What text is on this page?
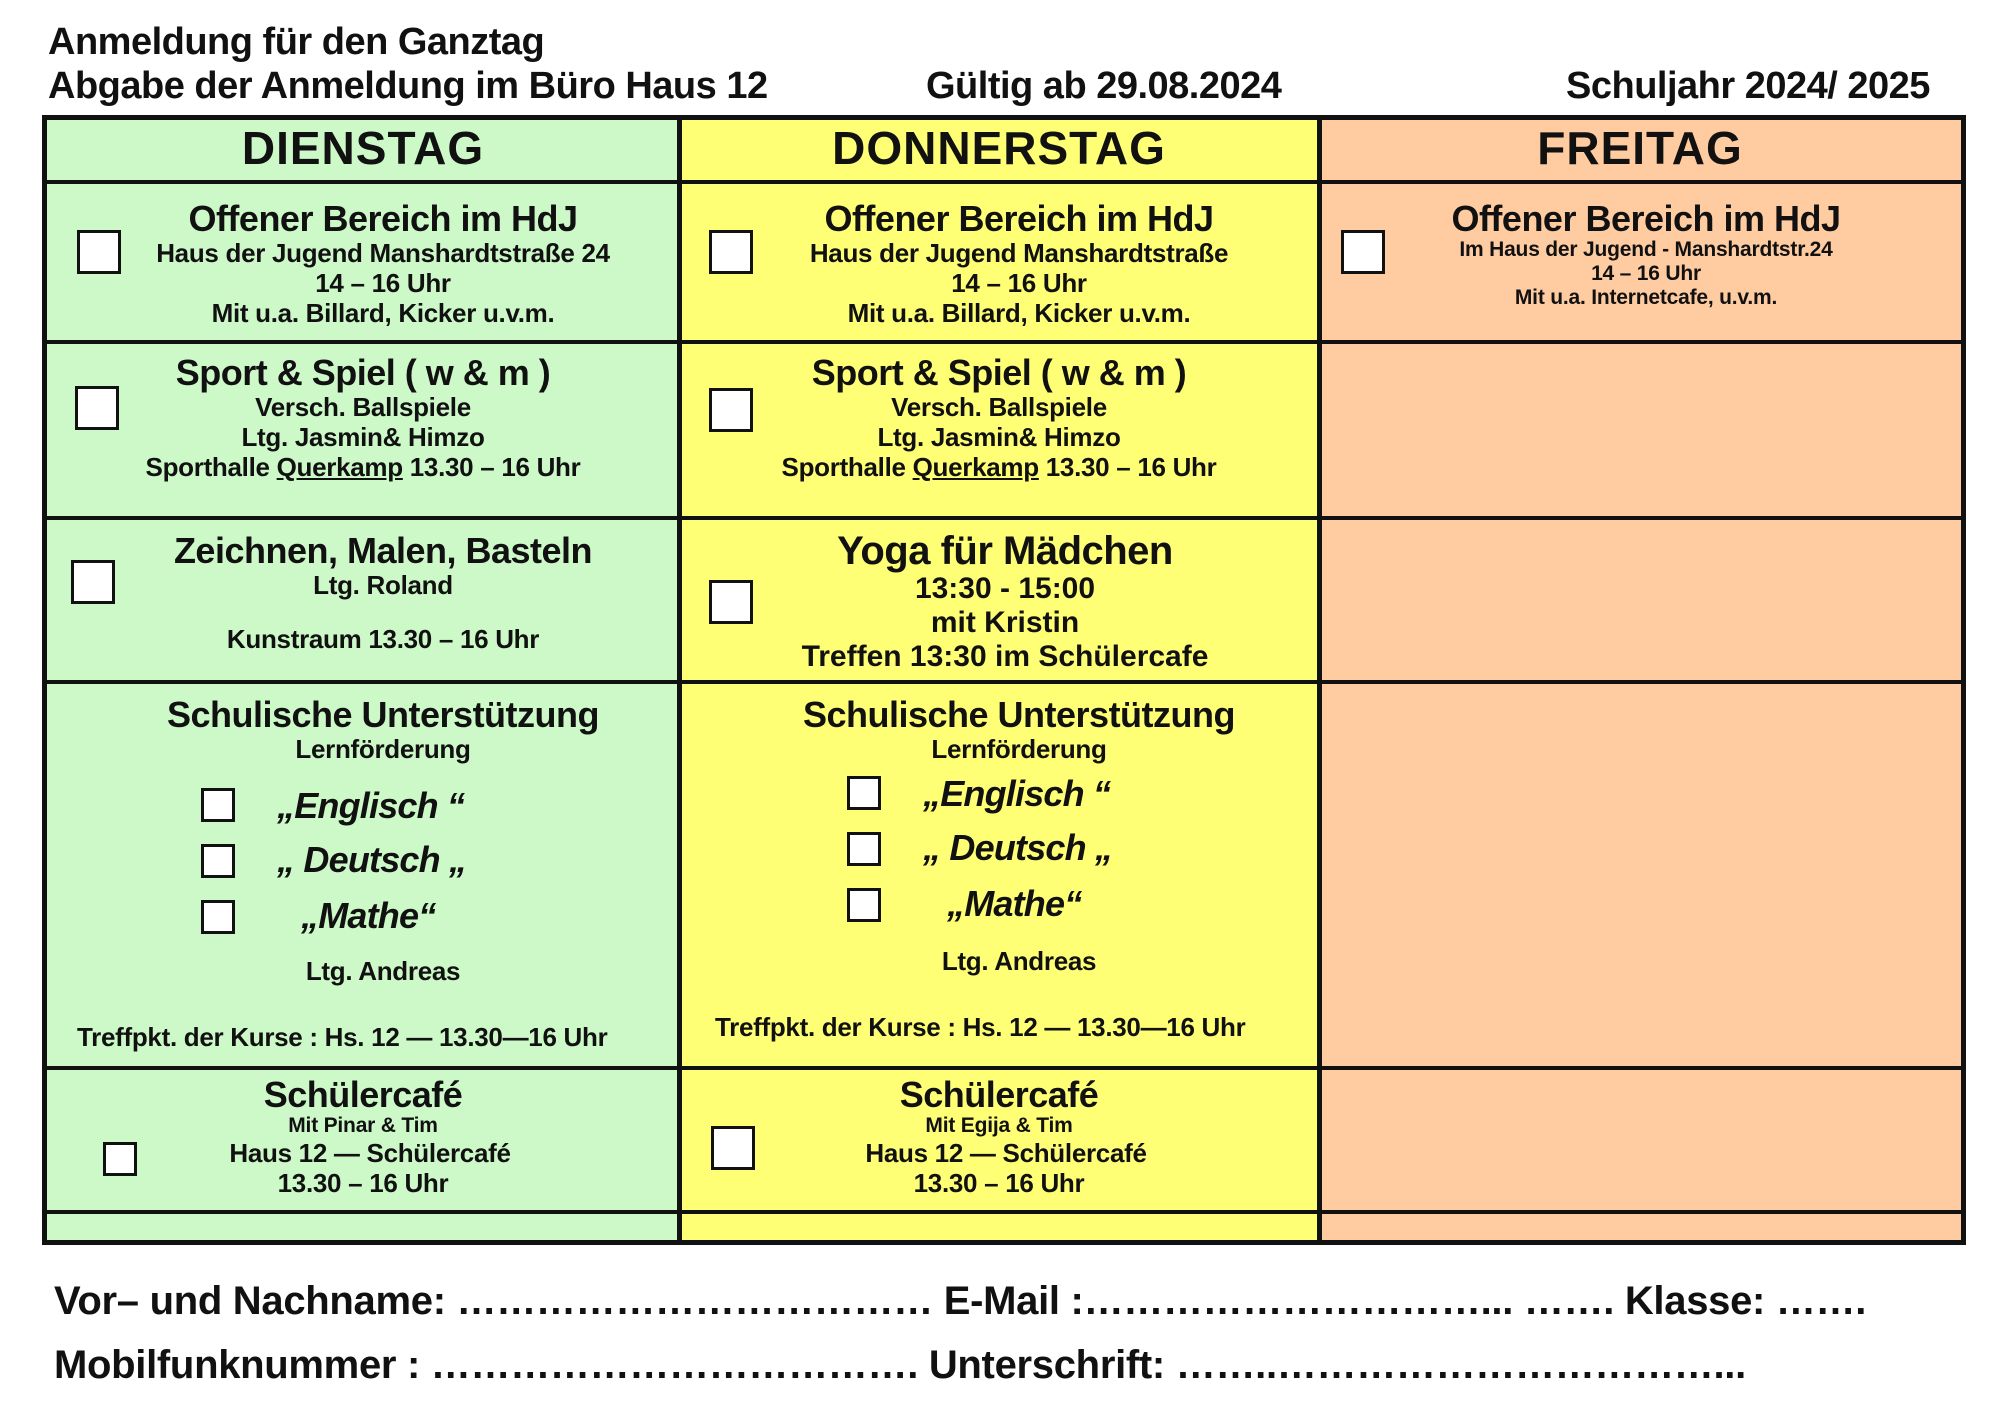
Anmeldung für den Ganztag
Abgabe der Anmeldung im Büro Haus 12	Gültig ab 29.08.2024	Schuljahr 2024/ 2025
DIENSTAG
Offener Bereich im HdJ
Haus der Jugend Manshardtstraße 24
14 – 16 Uhr
Mit u.a. Billard, Kicker u.v.m.
Sport & Spiel ( w & m )
Versch. Ballspiele
Ltg. Jasmin& Himzo
Sporthalle Querkamp 13.30 – 16 Uhr
Zeichnen, Malen, Basteln
Ltg. Roland
Kunstraum 13.30 – 16 Uhr
Schulische Unterstützung
Lernförderung
„Englisch “
„ Deutsch „
„Mathe“
Ltg. Andreas
Treffpkt. der Kurse : Hs. 12 — 13.30—16 Uhr
Schülercafé
Mit Pinar & Tim
Haus 12 — Schülercafé
13.30 – 16 Uhr
DONNERSTAG
Offener Bereich im HdJ
Haus der Jugend Manshardtstraße
14 – 16 Uhr
Mit u.a. Billard, Kicker u.v.m.
Sport & Spiel ( w & m )
Versch. Ballspiele
Ltg. Jasmin& Himzo
Sporthalle Querkamp 13.30 – 16 Uhr
Yoga für Mädchen
13:30 - 15:00
mit Kristin
Treffen 13:30 im Schülercafe
Schulische Unterstützung
Lernförderung
„Englisch “
„ Deutsch „
„Mathe“
Ltg. Andreas
Treffpkt. der Kurse : Hs. 12 — 13.30—16 Uhr
Schülercafé
Mit Egija & Tim
Haus 12 — Schülercafé
13.30 – 16 Uhr
FREITAG
Offener Bereich im HdJ
Im Haus der Jugend - Manshardtstr.24
14 – 16 Uhr
Mit u.a. Internetcafe, u.v.m.
Vor– und Nachname: ……………………………… E-Mail :…………………………... ……. Klasse: …….
Mobilfunknummer : ………………………………. Unterschrift: ……..……………………………...
